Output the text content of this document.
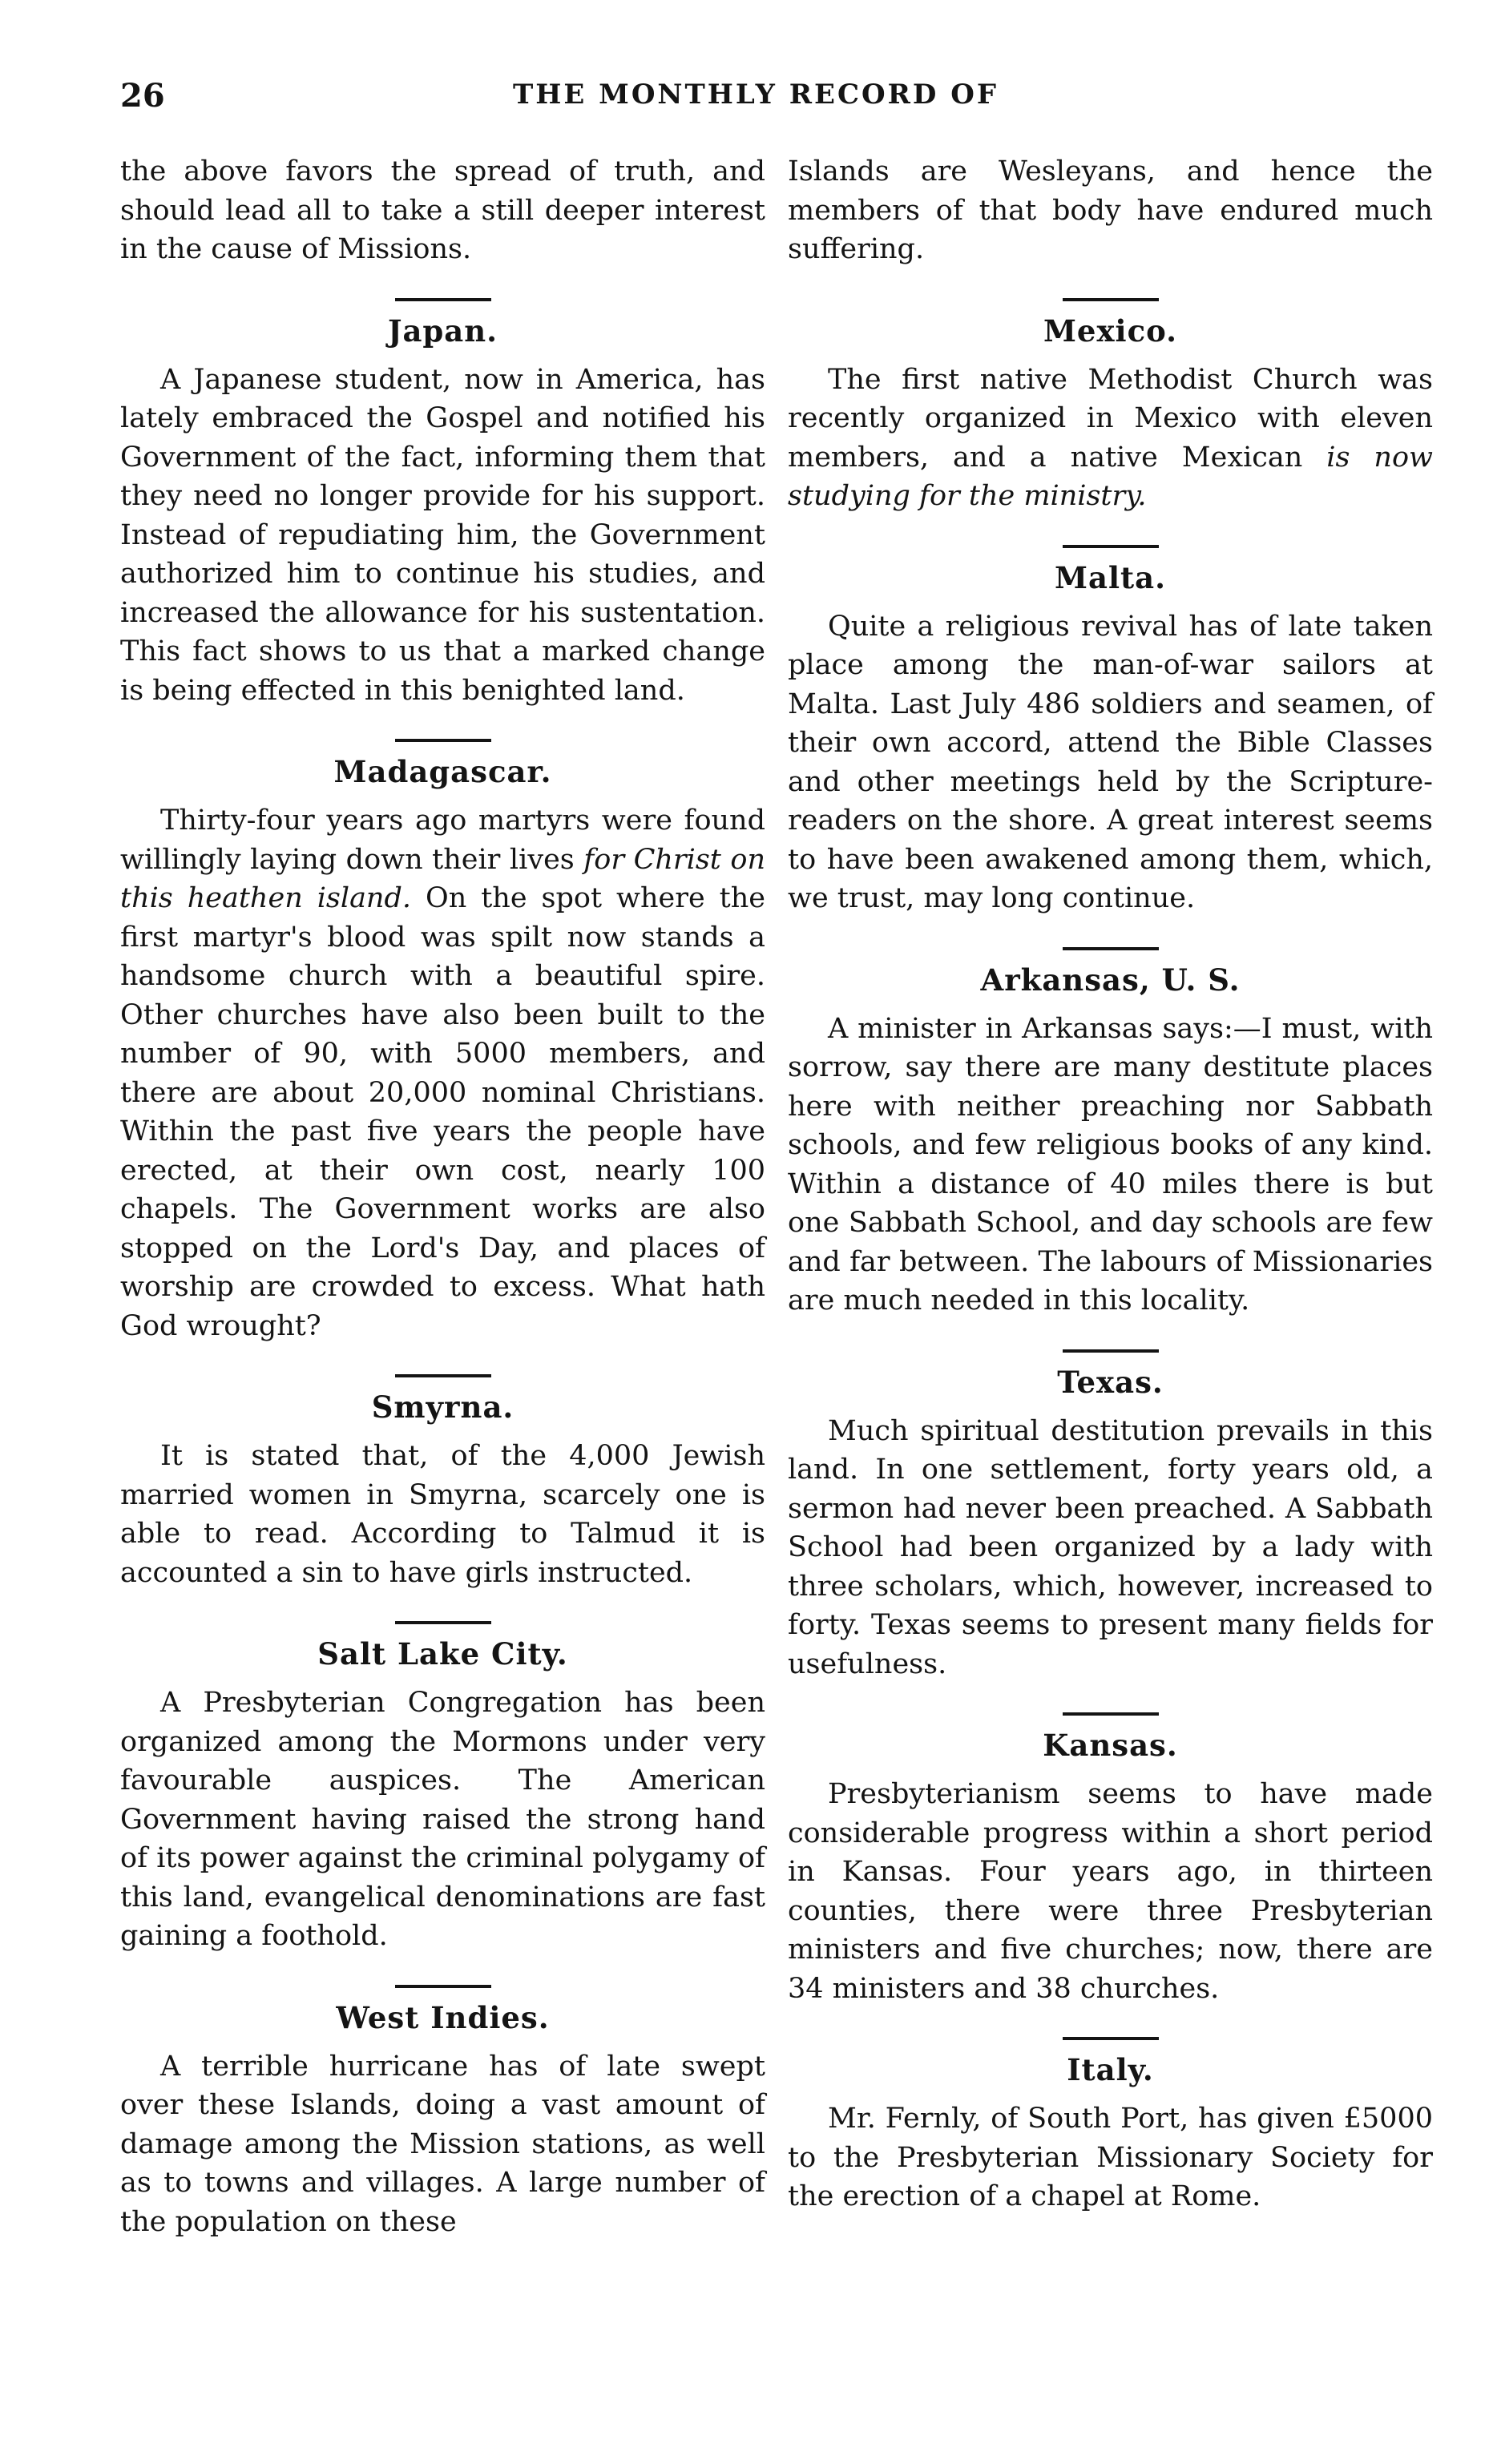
26	THE MONTHLY RECORD OF

the above favors the spread of truth, and should lead all to take a still deeper interest in the cause of Missions.

Japan.

A Japanese student, now in America, has lately embraced the Gospel and notified his Government of the fact, informing them that they need no longer provide for his support. Instead of repudiating him, the Government authorized him to continue his studies, and increased the allowance for his sustentation. This fact shows to us that a marked change is being effected in this benighted land.

Madagascar.

Thirty-four years ago martyrs were found willingly laying down their lives for Christ on this heathen island. On the spot where the first martyr's blood was spilt now stands a handsome church with a beautiful spire. Other churches have also been built to the number of 90, with 5000 members, and there are about 20,000 nominal Christians. Within the past five years the people have erected, at their own cost, nearly 100 chapels. The Government works are also stopped on the Lord's Day, and places of worship are crowded to excess. What hath God wrought?

Smyrna.

It is stated that, of the 4,000 Jewish married women in Smyrna, scarcely one is able to read. According to Talmud it is accounted a sin to have girls instructed.

Salt Lake City.

A Presbyterian Congregation has been organized among the Mormons under very favourable auspices. The American Government having raised the strong hand of its power against the criminal polygamy of this land, evangelical denominations are fast gaining a foothold.

West Indies.

A terrible hurricane has of late swept over these Islands, doing a vast amount of damage among the Mission stations, as well as to towns and villages. A large number of the population on these

Islands are Wesleyans, and hence the members of that body have endured much suffering.

Mexico.

The first native Methodist Church was recently organized in Mexico with eleven members, and a native Mexican is now studying for the ministry.

Malta.

Quite a religious revival has of late taken place among the man-of-war sailors at Malta. Last July 486 soldiers and seamen, of their own accord, attend the Bible Classes and other meetings held by the Scripture-readers on the shore. A great interest seems to have been awakened among them, which, we trust, may long continue.

Arkansas, U. S.

A minister in Arkansas says:—I must, with sorrow, say there are many destitute places here with neither preaching nor Sabbath schools, and few religious books of any kind. Within a distance of 40 miles there is but one Sabbath School, and day schools are few and far between. The labours of Missionaries are much needed in this locality.

Texas.

Much spiritual destitution prevails in this land. In one settlement, forty years old, a sermon had never been preached. A Sabbath School had been organized by a lady with three scholars, which, however, increased to forty. Texas seems to present many fields for usefulness.

Kansas.

Presbyterianism seems to have made considerable progress within a short period in Kansas. Four years ago, in thirteen counties, there were three Presbyterian ministers and five churches; now, there are 34 ministers and 38 churches.

Italy.

Mr. Fernly, of South Port, has given £5000 to the Presbyterian Missionary Society for the erection of a chapel at Rome.
